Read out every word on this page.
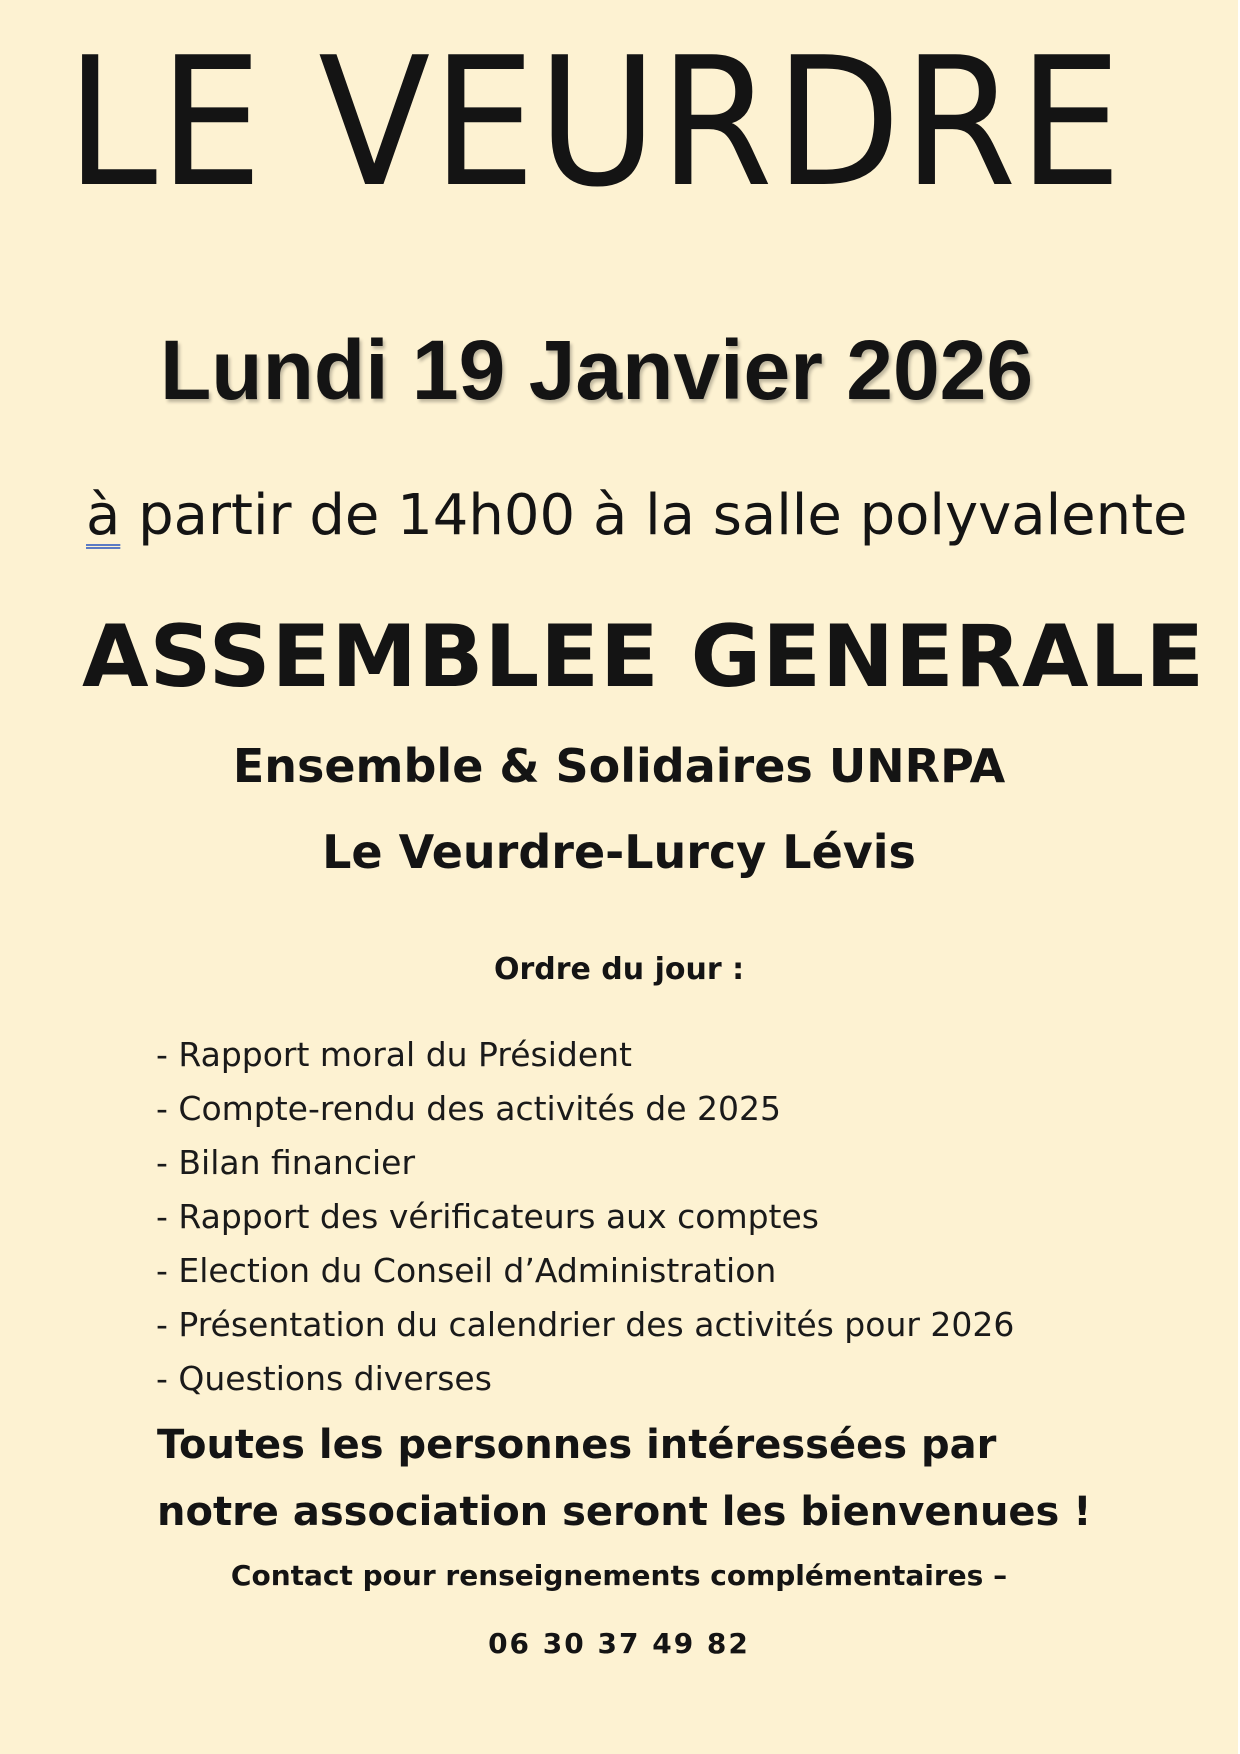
LE VEURDRE
Lundi 19 Janvier 2026

à partir de 14h00 à la salle polyvalente

ASSEMBLEE GENERALE

Ensemble & Solidaires UNRPA

Le Veurdre-Lurcy Lévis

Ordre du jour :

- Rapport moral du Président
- Compte-rendu des activités de 2025
- Bilan financier
- Rapport des vérificateurs aux comptes
- Election du Conseil d’Administration
- Présentation du calendrier des activités pour 2026
- Questions diverses

Toutes les personnes intéressées par
notre association seront les bienvenues !

Contact pour renseignements complémentaires –

06 30 37 49 82
